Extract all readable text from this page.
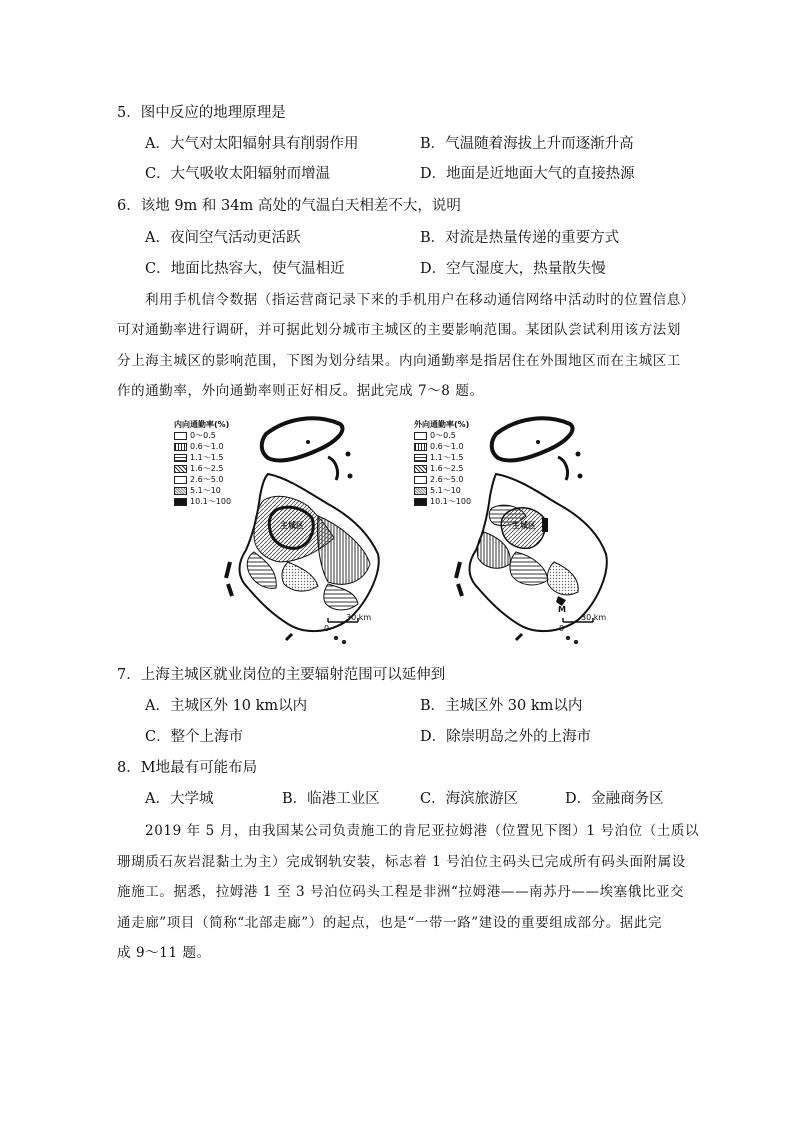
5．图中反应的地理原理是
A．大气对太阳辐射具有削弱作用	B．气温随着海拔上升而逐渐升高
C．大气吸收太阳辐射而增温	D．地面是近地面大气的直接热源
6．该地 9m 和 34m 高处的气温白天相差不大，说明
A．夜间空气活动更活跃	B．对流是热量传递的重要方式
C．地面比热容大，使气温相近	D．空气湿度大，热量散失慢
利用手机信令数据（指运营商记录下来的手机用户在移动通信网络中活动时的位置信息）
可对通勤率进行调研，并可据此划分城市主城区的主要影响范围。某团队尝试利用该方法划
分上海主城区的影响范围，下图为划分结果。内向通勤率是指居住在外围地区而在主城区工
作的通勤率，外向通勤率则正好相反。据此完成 7～8 题。
内向通勤率(%)
0～0.5
0.6～1.0
1.1～1.5
1.6～2.5
2.6～5.0
5.1～10
10.1～100
主城区
0
30 km
外向通勤率(%)
0～0.5
0.6～1.0
1.1～1.5
1.6～2.5
2.6～5.0
5.1～10
10.1～100
主城区
M
0
30 km
7．上海主城区就业岗位的主要辐射范围可以延伸到
A．主城区外 10 km以内	B．主城区外 30 km以内
C．整个上海市	D．除崇明岛之外的上海市
8．M地最有可能布局
A．大学城	B．临港工业区	C．海滨旅游区	D．金融商务区
2019 年 5 月，由我国某公司负责施工的肯尼亚拉姆港（位置见下图）1 号泊位（土质以
珊瑚质石灰岩混黏土为主）完成钢轨安装，标志着 1 号泊位主码头已完成所有码头面附属设
施施工。据悉，拉姆港 1 至 3 号泊位码头工程是非洲“拉姆港——南苏丹——埃塞俄比亚交
通走廊”项目（简称“北部走廊”）的起点，也是“一带一路”建设的重要组成部分。据此完
成 9～11 题。
